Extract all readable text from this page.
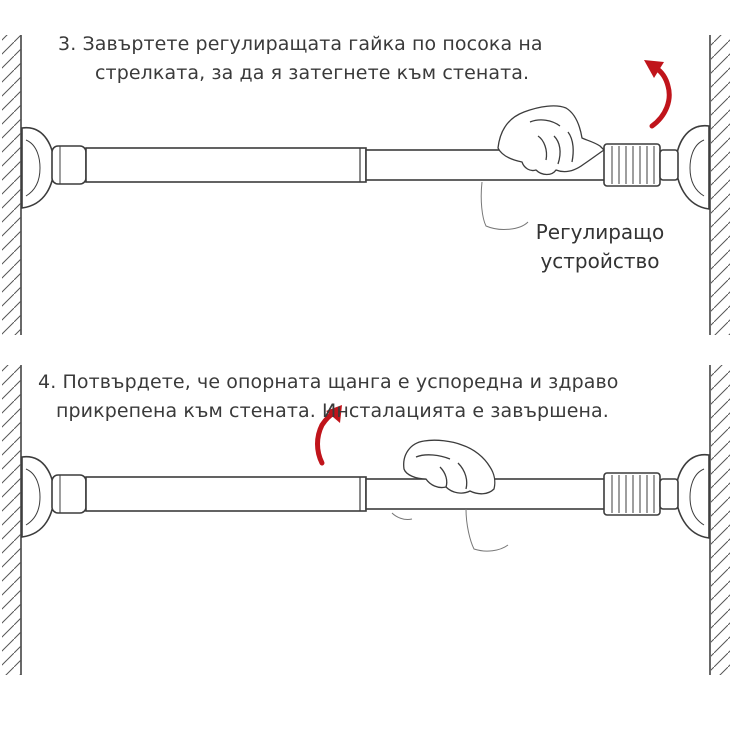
3. Завъртете регулиращата гайка по посока на
стрелката, за да я затегнете към стената.
Регулиращо
устройство
4. Потвърдете, че опорната щанга е успоредна и здраво
прикрепена към стената. Инсталацията е завършена.
